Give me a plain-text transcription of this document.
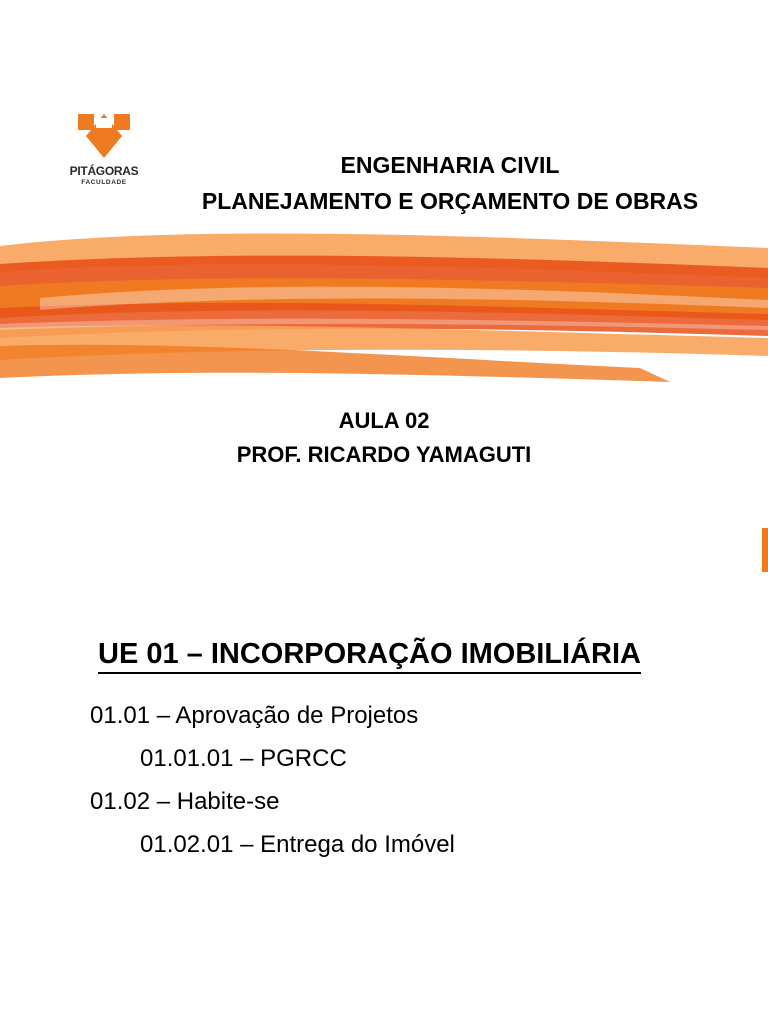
PITÁGORAS
FACULDADE
ENGENHARIA CIVIL
PLANEJAMENTO E ORÇAMENTO DE OBRAS
AULA 02
PROF. RICARDO YAMAGUTI
UE 01 – INCORPORAÇÃO IMOBILIÁRIA
01.01 – Aprovação de Projetos
01.01.01 – PGRCC
01.02 – Habite-se
01.02.01 – Entrega do Imóvel
